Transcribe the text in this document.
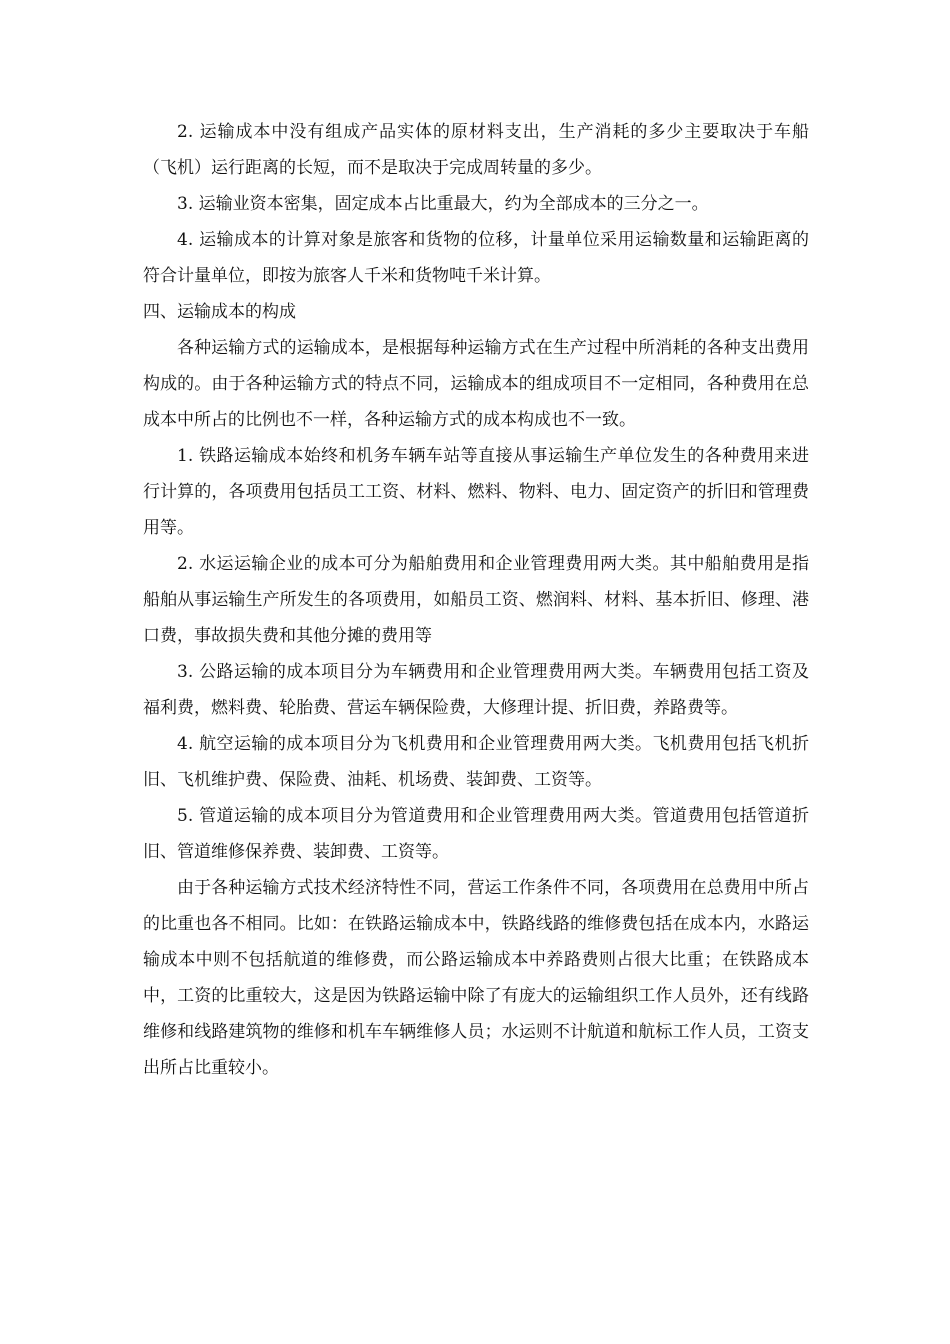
2. 运输成本中没有组成产品实体的原材料支出，生产消耗的多少主要取决于车船（飞机）运行距离的长短，而不是取决于完成周转量的多少。

3. 运输业资本密集，固定成本占比重最大，约为全部成本的三分之一。

4. 运输成本的计算对象是旅客和货物的位移，计量单位采用运输数量和运输距离的符合计量单位，即按为旅客人千米和货物吨千米计算。

四、运输成本的构成

各种运输方式的运输成本，是根据每种运输方式在生产过程中所消耗的各种支出费用构成的。由于各种运输方式的特点不同，运输成本的组成项目不一定相同，各种费用在总成本中所占的比例也不一样，各种运输方式的成本构成也不一致。

1. 铁路运输成本始终和机务车辆车站等直接从事运输生产单位发生的各种费用来进行计算的，各项费用包括员工工资、材料、燃料、物料、电力、固定资产的折旧和管理费用等。

2. 水运运输企业的成本可分为船舶费用和企业管理费用两大类。其中船舶费用是指船舶从事运输生产所发生的各项费用，如船员工资、燃润料、材料、基本折旧、修理、港口费，事故损失费和其他分摊的费用等

3. 公路运输的成本项目分为车辆费用和企业管理费用两大类。车辆费用包括工资及福利费，燃料费、轮胎费、营运车辆保险费，大修理计提、折旧费，养路费等。

4. 航空运输的成本项目分为飞机费用和企业管理费用两大类。飞机费用包括飞机折旧、飞机维护费、保险费、油耗、机场费、装卸费、工资等。

5. 管道运输的成本项目分为管道费用和企业管理费用两大类。管道费用包括管道折旧、管道维修保养费、装卸费、工资等。

由于各种运输方式技术经济特性不同，营运工作条件不同，各项费用在总费用中所占的比重也各不相同。比如：在铁路运输成本中，铁路线路的维修费包括在成本内，水路运输成本中则不包括航道的维修费，而公路运输成本中养路费则占很大比重；在铁路成本中，工资的比重较大，这是因为铁路运输中除了有庞大的运输组织工作人员外，还有线路维修和线路建筑物的维修和机车车辆维修人员；水运则不计航道和航标工作人员，工资支出所占比重较小。
